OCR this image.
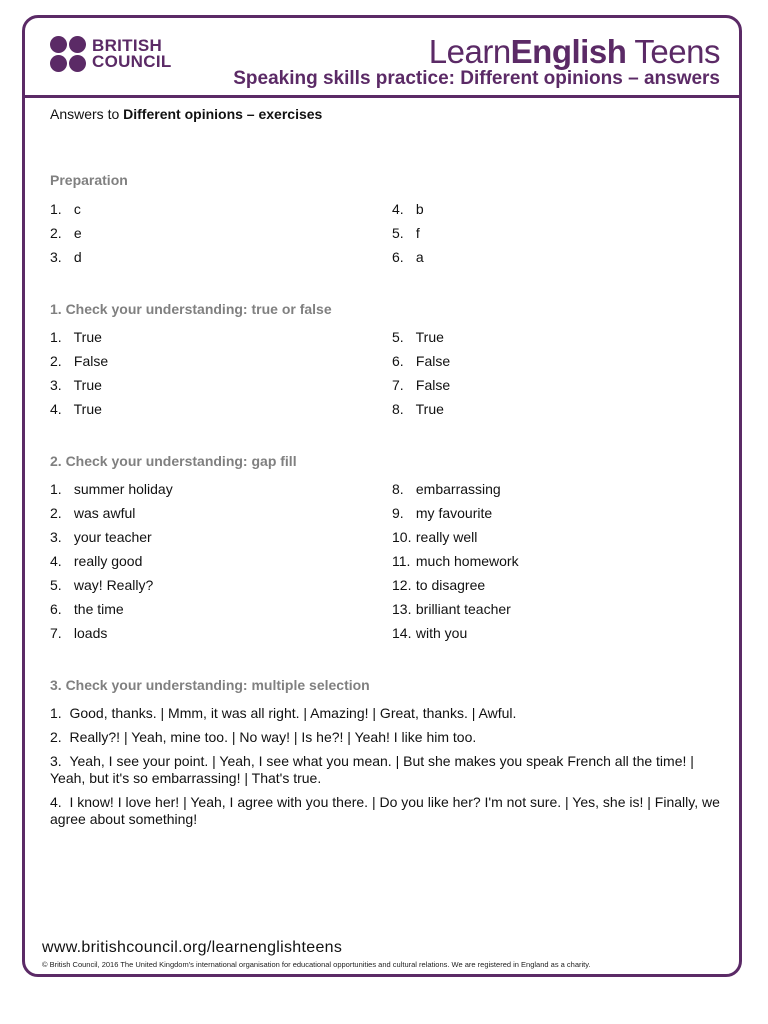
BRITISH
COUNCIL	LearnEnglish Teens
Speaking skills practice: Different opinions – answers
Answers to Different opinions – exercises
Preparation
1. c
2. e
3. d
4. b
5. f
6. a
1. Check your understanding: true or false
1. True
2. False
3. True
4. True
5. True
6. False
7. False
8. True
2. Check your understanding: gap fill
1. summer holiday
2. was awful
3. your teacher
4. really good
5. way! Really?
6. the time
7. loads
8. embarrassing
9. my favourite
10. really well
11. much homework
12. to disagree
13. brilliant teacher
14. with you
3. Check your understanding: multiple selection
1. Good, thanks. | Mmm, it was all right. | Amazing! | Great, thanks. | Awful.
2. Really?! | Yeah, mine too. | No way! | Is he?! | Yeah! I like him too.
3. Yeah, I see your point. | Yeah, I see what you mean. | But she makes you speak French all the time! | Yeah, but it's so embarrassing! | That's true.
4. I know! I love her! | Yeah, I agree with you there. | Do you like her? I'm not sure. | Yes, she is! | Finally, we agree about something!
www.britishcouncil.org/learnenglishteens
© British Council, 2016 The United Kingdom's international organisation for educational opportunities and cultural relations. We are registered in England as a charity.
